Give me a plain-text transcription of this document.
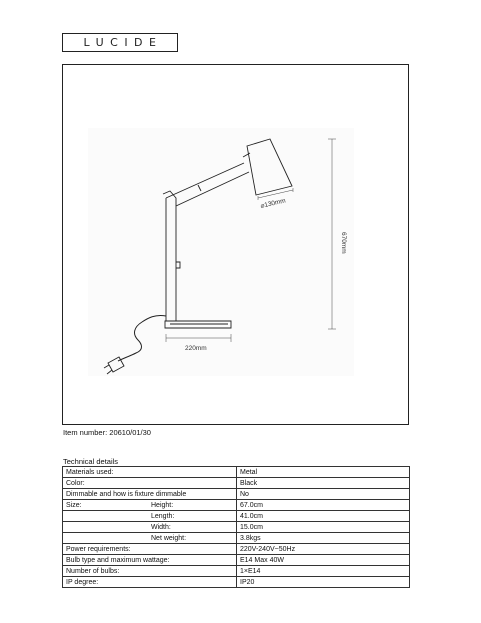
LUCIDE
⌀130mm
220mm
670mm
Item number: 20610/01/30
Technical details
Materials used:	Metal
Color:	Black
Dimmable and how is fixture dimmable	No

Size: Height:	67.0cm

Length:	41.0cm

Width:	15.0cm

Net weight:	3.8kgs
Power requirements:	220V-240V~50Hz
Bulb type and maximum wattage:	E14 Max 40W
Number of bulbs:	1×E14
IP degree:	IP20
